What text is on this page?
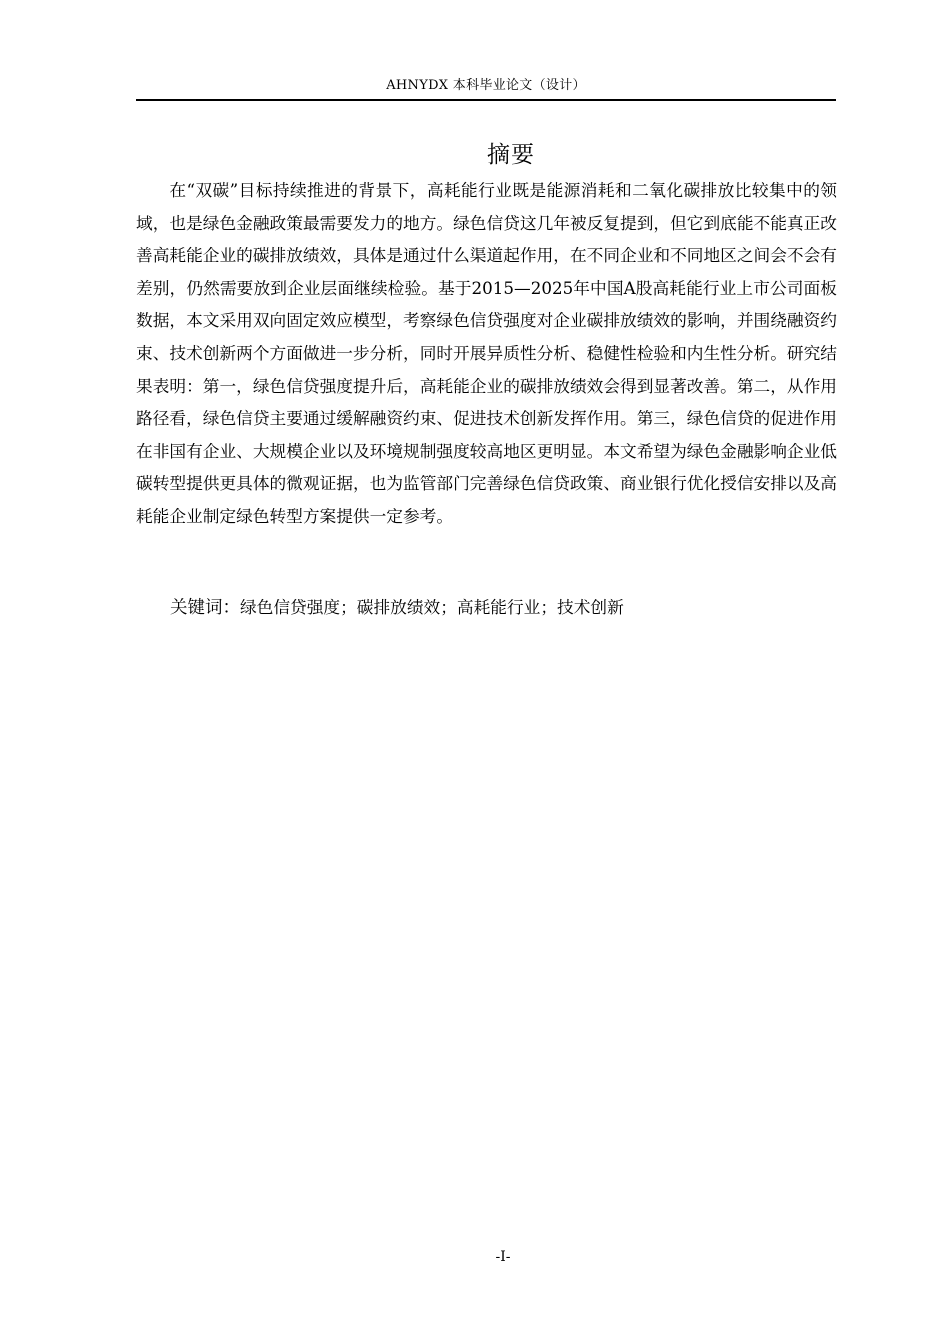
AHNYDX 本科毕业论文（设计）
摘要

在“双碳”目标持续推进的背景下，高耗能行业既是能源消耗和二氧化碳排放比较集中的领域，也是绿色金融政策最需要发力的地方。绿色信贷这几年被反复提到，但它到底能不能真正改善高耗能企业的碳排放绩效，具体是通过什么渠道起作用，在不同企业和不同地区之间会不会有差别，仍然需要放到企业层面继续检验。基于2015—2025年中国A股高耗能行业上市公司面板数据，本文采用双向固定效应模型，考察绿色信贷强度对企业碳排放绩效的影响，并围绕融资约束、技术创新两个方面做进一步分析，同时开展异质性分析、稳健性检验和内生性分析。研究结果表明：第一，绿色信贷强度提升后，高耗能企业的碳排放绩效会得到显著改善。第二，从作用路径看，绿色信贷主要通过缓解融资约束、促进技术创新发挥作用。第三，绿色信贷的促进作用在非国有企业、大规模企业以及环境规制强度较高地区更明显。本文希望为绿色金融影响企业低碳转型提供更具体的微观证据，也为监管部门完善绿色信贷政策、商业银行优化授信安排以及高耗能企业制定绿色转型方案提供一定参考。

关键词：绿色信贷强度；碳排放绩效；高耗能行业；技术创新
-I-
